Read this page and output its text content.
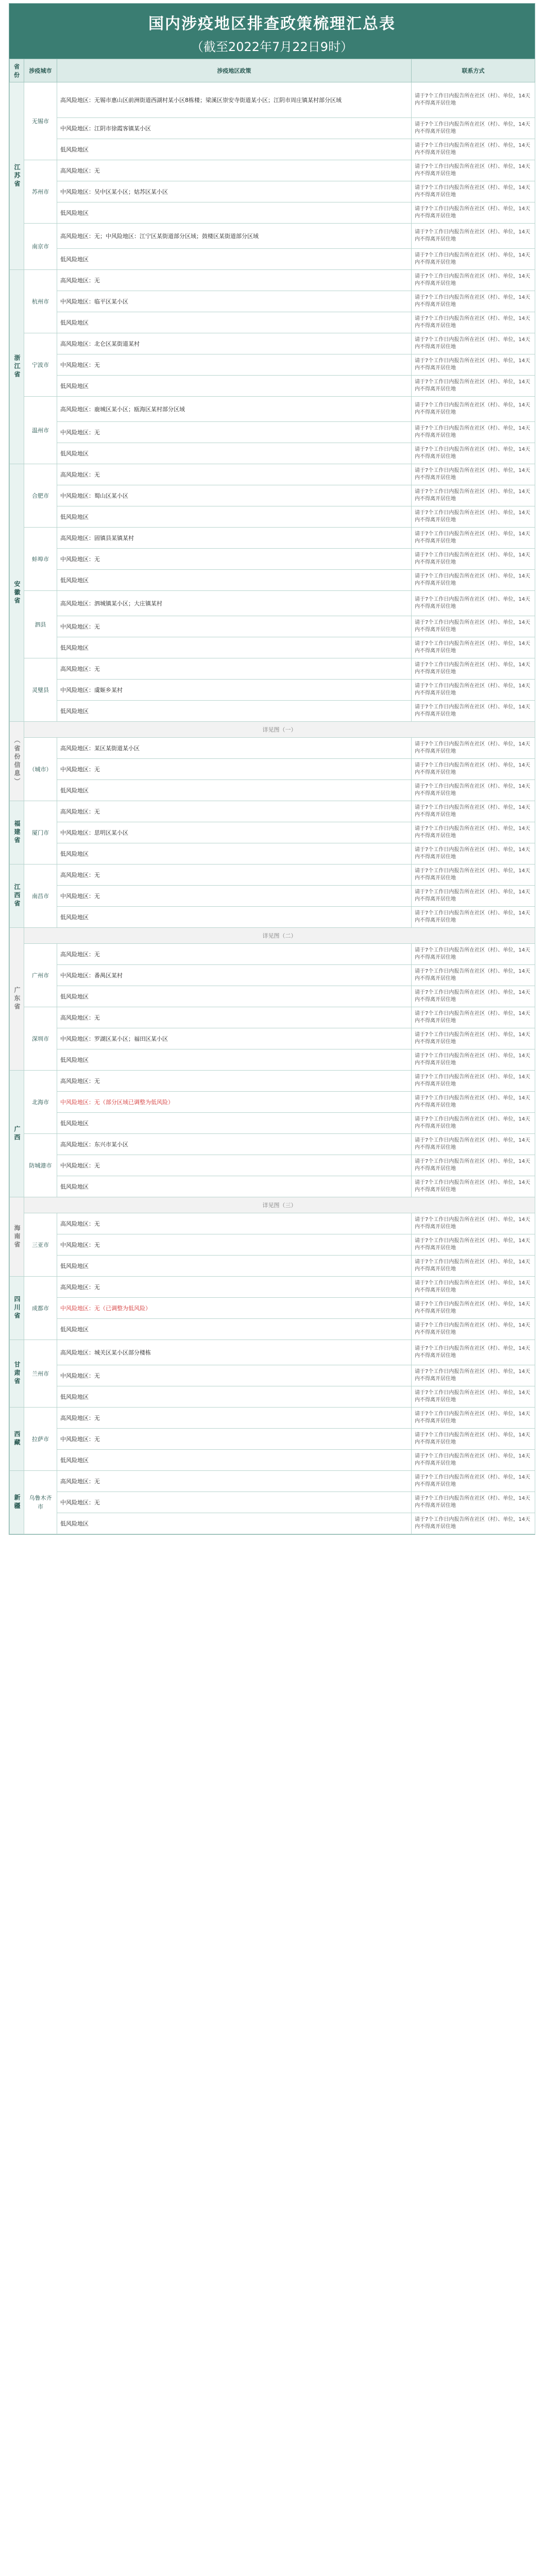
国内涉疫地区排查政策梳理汇总表
（截至2022年7月22日9时）
省份	涉疫城市	涉疫地区政策	联系方式
江苏省	无锡市	高风险地区：无锡市惠山区前洲街道西湖村某小区8栋楼；梁溪区崇安寺街道某小区；江阴市周庄镇某村部分区域	请于7个工作日内报告所在社区（村）、单位，14天内不得离开居住地
		中风险地区：江阴市徐霞客镇某小区	请于7个工作日内报告所在社区（村）、单位，14天内不得离开居住地
		低风险地区	请于7个工作日内报告所在社区（村）、单位，14天内不得离开居住地
	苏州市	高风险地区：无	请于7个工作日内报告所在社区（村）、单位，14天内不得离开居住地
		中风险地区：吴中区某小区；姑苏区某小区	请于7个工作日内报告所在社区（村）、单位，14天内不得离开居住地
		低风险地区	请于7个工作日内报告所在社区（村）、单位，14天内不得离开居住地
	南京市	高风险地区：无；中风险地区：江宁区某街道部分区域；鼓楼区某街道部分区域	请于7个工作日内报告所在社区（村）、单位，14天内不得离开居住地
		低风险地区	请于7个工作日内报告所在社区（村）、单位，14天内不得离开居住地
浙江省	杭州市	高风险地区：无	请于7个工作日内报告所在社区（村）、单位，14天内不得离开居住地
		中风险地区：临平区某小区	请于7个工作日内报告所在社区（村）、单位，14天内不得离开居住地
		低风险地区	请于7个工作日内报告所在社区（村）、单位，14天内不得离开居住地
	宁波市	高风险地区：北仑区某街道某村	请于7个工作日内报告所在社区（村）、单位，14天内不得离开居住地
		中风险地区：无	请于7个工作日内报告所在社区（村）、单位，14天内不得离开居住地
		低风险地区	请于7个工作日内报告所在社区（村）、单位，14天内不得离开居住地
	温州市	高风险地区：鹿城区某小区；瓯海区某村部分区域	请于7个工作日内报告所在社区（村）、单位，14天内不得离开居住地
		中风险地区：无	请于7个工作日内报告所在社区（村）、单位，14天内不得离开居住地
		低风险地区	请于7个工作日内报告所在社区（村）、单位，14天内不得离开居住地
安徽省	合肥市	高风险地区：无	请于7个工作日内报告所在社区（村）、单位，14天内不得离开居住地
		中风险地区：蜀山区某小区	请于7个工作日内报告所在社区（村）、单位，14天内不得离开居住地
		低风险地区	请于7个工作日内报告所在社区（村）、单位，14天内不得离开居住地
	蚌埠市	高风险地区：固镇县某镇某村	请于7个工作日内报告所在社区（村）、单位，14天内不得离开居住地
		中风险地区：无	请于7个工作日内报告所在社区（村）、单位，14天内不得离开居住地
		低风险地区	请于7个工作日内报告所在社区（村）、单位，14天内不得离开居住地
	泗县	高风险地区：泗城镇某小区；大庄镇某村	请于7个工作日内报告所在社区（村）、单位，14天内不得离开居住地
		中风险地区：无	请于7个工作日内报告所在社区（村）、单位，14天内不得离开居住地
		低风险地区	请于7个工作日内报告所在社区（村）、单位，14天内不得离开居住地
	灵璧县	高风险地区：无	请于7个工作日内报告所在社区（村）、单位，14天内不得离开居住地
		中风险地区：虞姬乡某村	请于7个工作日内报告所在社区（村）、单位，14天内不得离开居住地
		低风险地区	请于7个工作日内报告所在社区（村）、单位，14天内不得离开居住地
（省份信息）	详见图（一）		
	（城市）	高风险地区：某区某街道某小区	请于7个工作日内报告所在社区（村）、单位，14天内不得离开居住地
		中风险地区：无	请于7个工作日内报告所在社区（村）、单位，14天内不得离开居住地
		低风险地区	请于7个工作日内报告所在社区（村）、单位，14天内不得离开居住地
福建省	厦门市	高风险地区：无	请于7个工作日内报告所在社区（村）、单位，14天内不得离开居住地
		中风险地区：思明区某小区	请于7个工作日内报告所在社区（村）、单位，14天内不得离开居住地
		低风险地区	请于7个工作日内报告所在社区（村）、单位，14天内不得离开居住地
江西省	南昌市	高风险地区：无	请于7个工作日内报告所在社区（村）、单位，14天内不得离开居住地
		中风险地区：无	请于7个工作日内报告所在社区（村）、单位，14天内不得离开居住地
		低风险地区	请于7个工作日内报告所在社区（村）、单位，14天内不得离开居住地
广东省	详见图（二）		
	广州市	高风险地区：无	请于7个工作日内报告所在社区（村）、单位，14天内不得离开居住地
		中风险地区：番禺区某村	请于7个工作日内报告所在社区（村）、单位，14天内不得离开居住地
		低风险地区	请于7个工作日内报告所在社区（村）、单位，14天内不得离开居住地
	深圳市	高风险地区：无	请于7个工作日内报告所在社区（村）、单位，14天内不得离开居住地
		中风险地区：罗湖区某小区；福田区某小区	请于7个工作日内报告所在社区（村）、单位，14天内不得离开居住地
		低风险地区	请于7个工作日内报告所在社区（村）、单位，14天内不得离开居住地
广西	北海市	高风险地区：无	请于7个工作日内报告所在社区（村）、单位，14天内不得离开居住地
		中风险地区：无（部分区域已调整为低风险）	请于7个工作日内报告所在社区（村）、单位，14天内不得离开居住地
		低风险地区	请于7个工作日内报告所在社区（村）、单位，14天内不得离开居住地
	防城港市	高风险地区：东兴市某小区	请于7个工作日内报告所在社区（村）、单位，14天内不得离开居住地
		中风险地区：无	请于7个工作日内报告所在社区（村）、单位，14天内不得离开居住地
		低风险地区	请于7个工作日内报告所在社区（村）、单位，14天内不得离开居住地
海南省	详见图（三）		
	三亚市	高风险地区：无	请于7个工作日内报告所在社区（村）、单位，14天内不得离开居住地
		中风险地区：无	请于7个工作日内报告所在社区（村）、单位，14天内不得离开居住地
		低风险地区	请于7个工作日内报告所在社区（村）、单位，14天内不得离开居住地
四川省	成都市	高风险地区：无	请于7个工作日内报告所在社区（村）、单位，14天内不得离开居住地
		中风险地区：无（已调整为低风险）	请于7个工作日内报告所在社区（村）、单位，14天内不得离开居住地
		低风险地区	请于7个工作日内报告所在社区（村）、单位，14天内不得离开居住地
甘肃省	兰州市	高风险地区：城关区某小区部分楼栋	请于7个工作日内报告所在社区（村）、单位，14天内不得离开居住地
		中风险地区：无	请于7个工作日内报告所在社区（村）、单位，14天内不得离开居住地
		低风险地区	请于7个工作日内报告所在社区（村）、单位，14天内不得离开居住地
西藏	拉萨市	高风险地区：无	请于7个工作日内报告所在社区（村）、单位，14天内不得离开居住地
		中风险地区：无	请于7个工作日内报告所在社区（村）、单位，14天内不得离开居住地
		低风险地区	请于7个工作日内报告所在社区（村）、单位，14天内不得离开居住地
新疆	乌鲁木齐市	高风险地区：无	请于7个工作日内报告所在社区（村）、单位，14天内不得离开居住地
		中风险地区：无	请于7个工作日内报告所在社区（村）、单位，14天内不得离开居住地
		低风险地区	请于7个工作日内报告所在社区（村）、单位，14天内不得离开居住地
